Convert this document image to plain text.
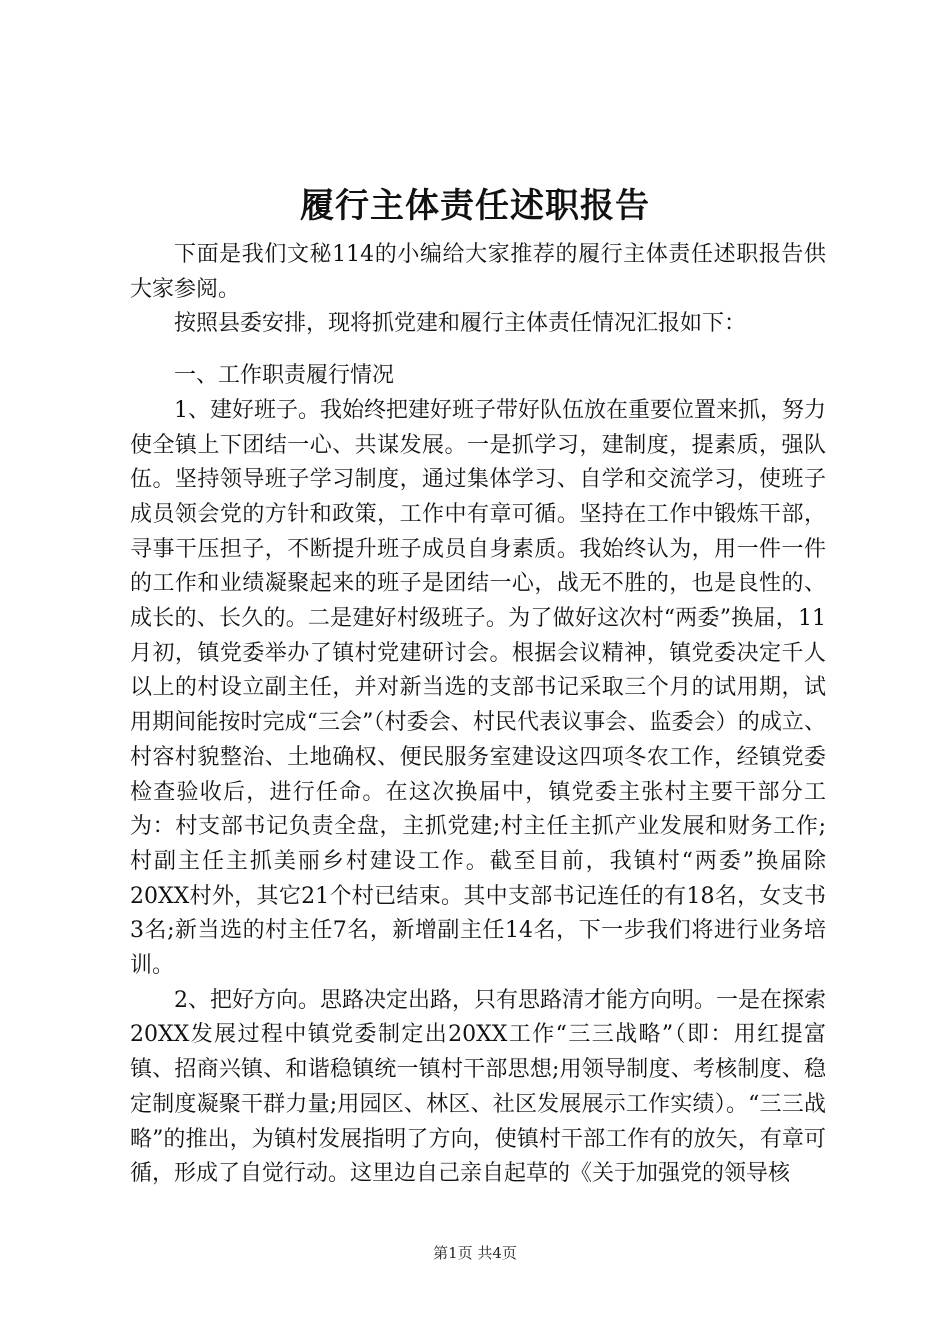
履行主体责任述职报告

下面是我们文秘114的小编给大家推荐的履行主体责任述职报告供大家参阅。

按照县委安排，现将抓党建和履行主体责任情况汇报如下：

一、工作职责履行情况

1、建好班子。我始终把建好班子带好队伍放在重要位置来抓，努力使全镇上下团结一心、共谋发展。一是抓学习，建制度，提素质，强队伍。坚持领导班子学习制度，通过集体学习、自学和交流学习，使班子成员领会党的方针和政策，工作中有章可循。坚持在工作中锻炼干部，寻事干压担子，不断提升班子成员自身素质。我始终认为，用一件一件的工作和业绩凝聚起来的班子是团结一心，战无不胜的，也是良性的、成长的、长久的。二是建好村级班子。为了做好这次村“两委”换届，11月初，镇党委举办了镇村党建研讨会。根据会议精神，镇党委决定千人以上的村设立副主任，并对新当选的支部书记采取三个月的试用期，试用期间能按时完成“三会”（村委会、村民代表议事会、监委会）的成立、村容村貌整治、土地确权、便民服务室建设这四项冬农工作，经镇党委检查验收后，进行任命。在这次换届中，镇党委主张村主要干部分工为：村支部书记负责全盘，主抓党建;村主任主抓产业发展和财务工作;村副主任主抓美丽乡村建设工作。截至目前，我镇村“两委”换届除20XX村外，其它21个村已结束。其中支部书记连任的有18名，女支书3名;新当选的村主任7名，新增副主任14名，下一步我们将进行业务培训。

2、把好方向。思路决定出路，只有思路清才能方向明。一是在探索20XX发展过程中镇党委制定出20XX工作“三三战略”（即：用红提富镇、招商兴镇、和谐稳镇统一镇村干部思想;用领导制度、考核制度、稳定制度凝聚干群力量;用园区、林区、社区发展展示工作实绩）。“三三战略”的推出，为镇村发展指明了方向，使镇村干部工作有的放矢，有章可循，形成了自觉行动。这里边自己亲自起草的《关于加强党的领导核

第1页 共4页
